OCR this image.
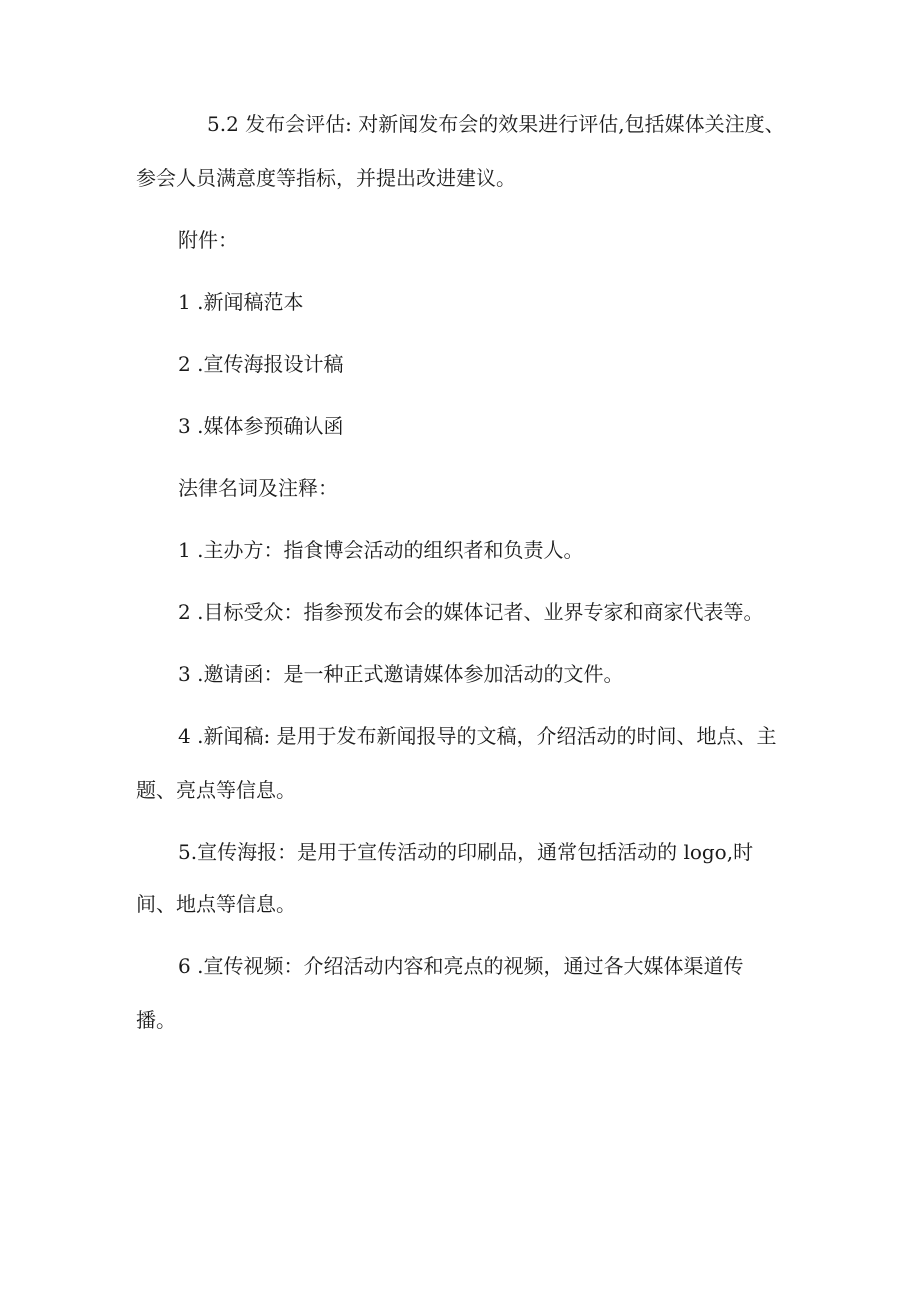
5.2 发布会评估: 对新闻发布会的效果进行评估,包括媒体关注度、
参会人员满意度等指标，并提出改进建议。
附件：
1 .新闻稿范本
2 .宣传海报设计稿
3 .媒体参预确认函
法律名词及注释：
1 .主办方：指食博会活动的组织者和负责人。
2 .目标受众：指参预发布会的媒体记者、业界专家和商家代表等。
3 .邀请函：是一种正式邀请媒体参加活动的文件。
4 .新闻稿: 是用于发布新闻报导的文稿，介绍活动的时间、地点、主
题、亮点等信息。
5.宣传海报：是用于宣传活动的印刷品，通常包括活动的 logo,时
间、地点等信息。
6 .宣传视频：介绍活动内容和亮点的视频，通过各大媒体渠道传
播。
